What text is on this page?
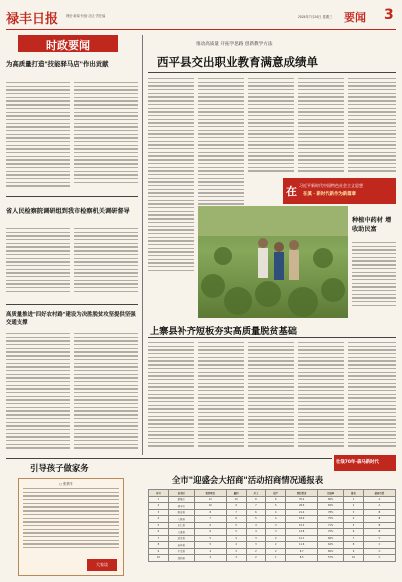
禄丰日报 理论·新闻·价值·社区·责任编	2024年7月24日 星期三 要闻 3
时政要闻
为高质量打造"技能驿马店"作出贡献
省人民检察院调研组到我市检察机关调研督导
高质量推进"四好农村路"建设为决胜脱贫攻坚提供坚强交通支撑
推动高质量 开拓学思路 创新教学方法
西平县交出职业教育满意成绩单
在 习近平新时代中国特色社会主义思想
在滇 · 新时代新作为新篇章
种植中药材 增收助民富
上寨县补齐短板夯实高质量脱贫基础
壮哉70年·森马新时代
引导孩子做家务
□ 张梦洋
大家谈
全市"迎盛会大招商"活动招商情况通报表
序号	县市区	签约项目	履约	开工	投产	到位资金	完成率	排名	招商引资
1	楚雄市	12	10	8	6	35.2	86%	1	A
2	禄丰市	10	9	7	5	28.6	82%	2	A
3	姚安县	8	7	6	4	21.4	78%	3	B
4	大姚县	7	6	5	4	18.9	75%	4	B
5	永仁县	6	5	4	3	15.3	71%	5	B
6	元谋县	6	5	4	3	14.8	70%	6	B
7	武定县	5	4	3	2	12.1	66%	7	C
8	南华县	5	4	3	2	11.6	64%	8	C
9	牟定县	4	3	2	2	9.7	60%	9	C
10	双柏县	4	3	2	1	8.5	57%	10	C
